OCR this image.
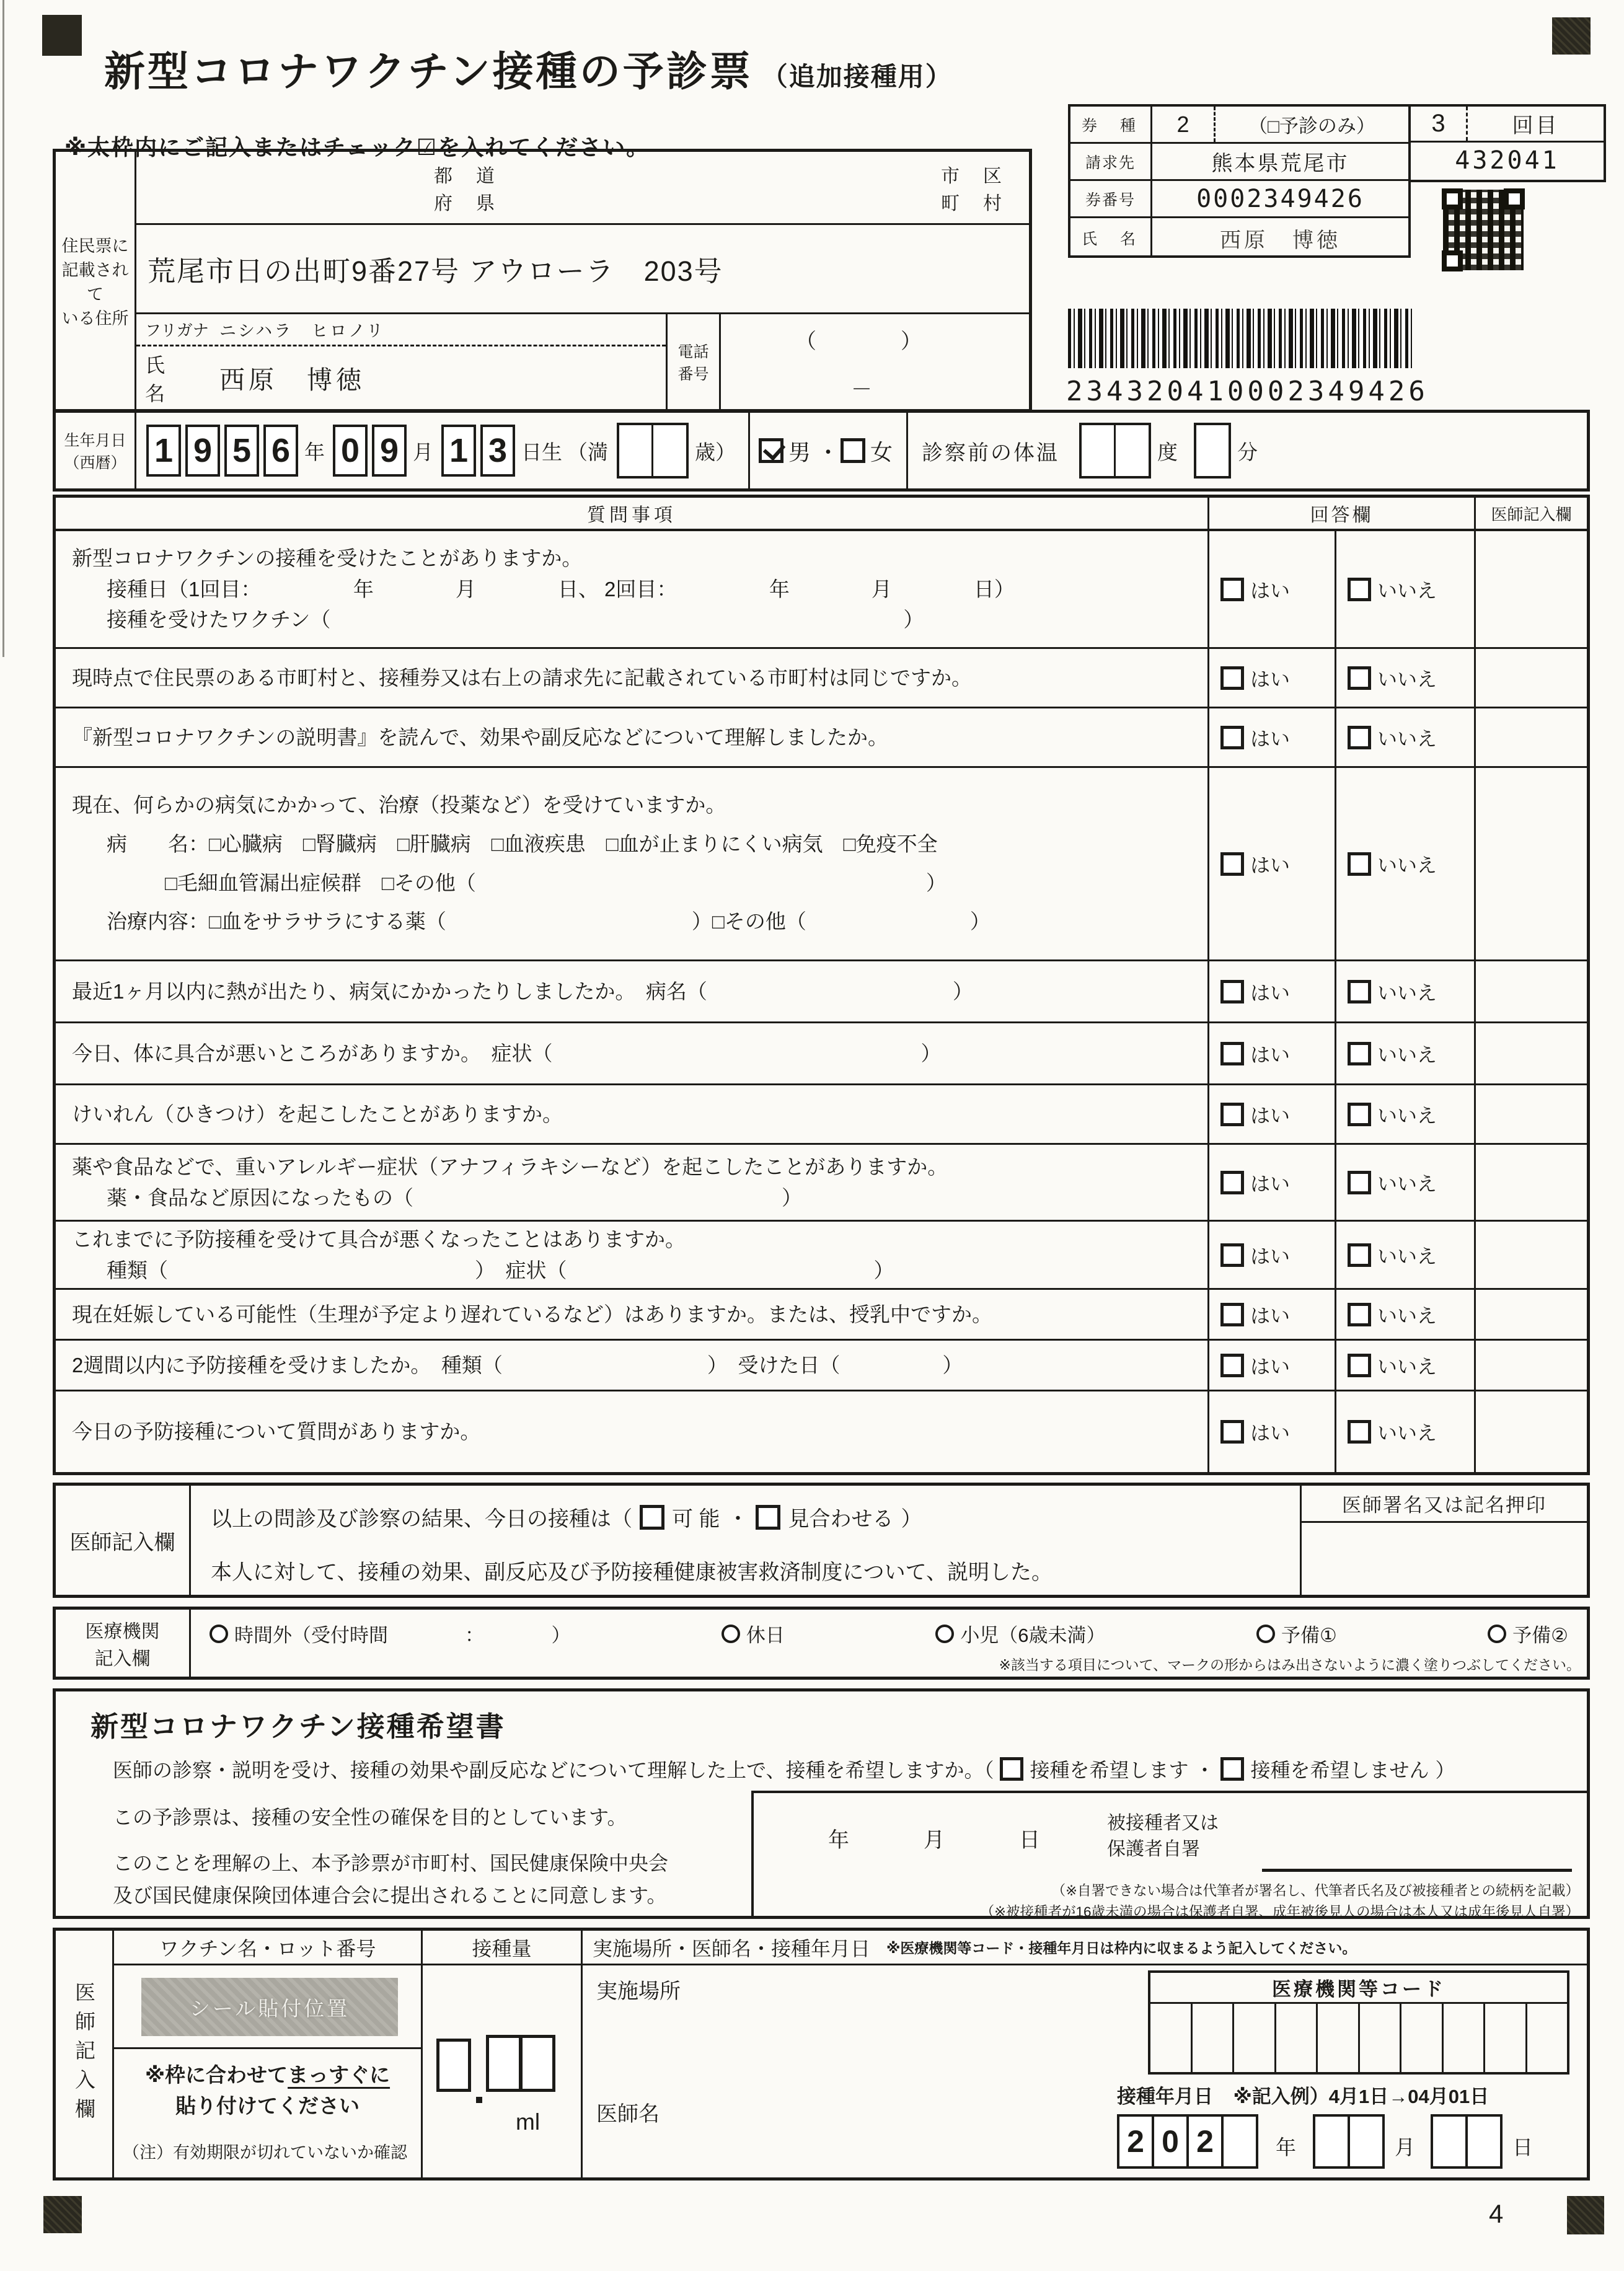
新型コロナワクチン接種の予診票 （追加接種用）
※太枠内にご記入またはチェック☑を入れてください。
券　種	2	（□予診のみ）
請求先	熊本県荒尾市
券番号	0002349426
氏　名	西原　博徳
3	回目
432041
234320410002349426
住民票に
記載されて
いる住所
都　道
府　県
市　区
町　村
荒尾市日の出町9番27号 アウローラ　203号
フリガナ ニシハラ　ヒロノリ
氏　名	西原　博徳
電話
番号
（　　　　）
－
生年月日
（西暦） 1 9 5 6 年 0 9 月 1 3 日生 （満	歳） 男 ・ 女 診察前の体温	度	分
質問事項	回答欄	医師記入欄
新型コロナワクチンの接種を受けたことがありますか。
接種日（1回目：　　　　　年　　　　月　　　　日、 2回目：　　　　　年　　　　月　　　　日）
接種を受けたワクチン（　　　　　　　　　　　　　　　　　　　　　　　　　　　　）
はい	いいえ
現時点で住民票のある市町村と、接種券又は右上の請求先に記載されている市町村は同じですか。	はい	いいえ
『新型コロナワクチンの説明書』を読んで、効果や副反応などについて理解しましたか。	はい	いいえ
現在、何らかの病気にかかって、治療（投薬など）を受けていますか。
病　　名：□心臓病　□腎臓病　□肝臓病　□血液疾患　□血が止まりにくい病気　□免疫不全
□毛細血管漏出症候群　□その他（　　　　　　　　　　　　　　　　　　　　　　）
治療内容：□血をサラサラにする薬（　　　　　　　　　　　　）□その他（　　　　　　　　）
はい	いいえ
最近1ヶ月以内に熱が出たり、病気にかかったりしましたか。　病名（　　　　　　　　　　　　）	はい	いいえ
今日、体に具合が悪いところがありますか。　症状（　　　　　　　　　　　　　　　　　　）	はい	いいえ
けいれん（ひきつけ）を起こしたことがありますか。	はい	いいえ
薬や食品などで、重いアレルギー症状（アナフィラキシーなど）を起こしたことがありますか。
薬・食品など原因になったもの（　　　　　　　　　　　　　　　　　　）
はい	いいえ
これまでに予防接種を受けて具合が悪くなったことはありますか。
種類（　　　　　　　　　　　　　　　）　症状（　　　　　　　　　　　　　　　）
はい	いいえ
現在妊娠している可能性（生理が予定より遅れているなど）はありますか。または、授乳中ですか。	はい	いいえ
2週間以内に予防接種を受けましたか。　種類（　　　　　　　　　　）　受けた日（　　　　　）	はい	いいえ
今日の予防接種について質問がありますか。	はい	いいえ
医師記入欄
以上の問診及び診察の結果、今日の接種は（ 可 能 ・ 見合わせる ）
本人に対して、接種の効果、副反応及び予防接種健康被害救済制度について、説明した。
医師署名又は記名押印
医療機関
記入欄
時間外（受付時間　　　　：　　　　）	休日	小児（6歳未満）	予備①	予備②
※該当する項目について、マークの形からはみ出さないように濃く塗りつぶしてください。
新型コロナワクチン接種希望書
医師の診察・説明を受け、接種の効果や副反応などについて理解した上で、接種を希望しますか。（ 接種を希望します ・ 接種を希望しません ）
この予診票は、接種の安全性の確保を目的としています。
このことを理解の上、本予診票が市町村、国民健康保険中央会
及び国民健康保険団体連合会に提出されることに同意します。
年	月	日
被接種者又は
保護者自署
（※自署できない場合は代筆者が署名し、代筆者氏名及び被接種者との続柄を記載）
（※被接種者が16歳未満の場合は保護者自署、成年被後見人の場合は本人又は成年後見人自署）
医師記入欄
ワクチン名・ロット番号	接種量	実施場所・医師名・接種年月日 ※医療機関等コード・接種年月日は枠内に収まるよう記入してください。
シール貼付位置
※枠に合わせてまっすぐに
貼り付けてください
（注）有効期限が切れていないか確認
ml
実施場所
医師名
医療機関等コード
接種年月日 ※記入例）4月1日→04月01日
2 0 2	年	月	日
4
